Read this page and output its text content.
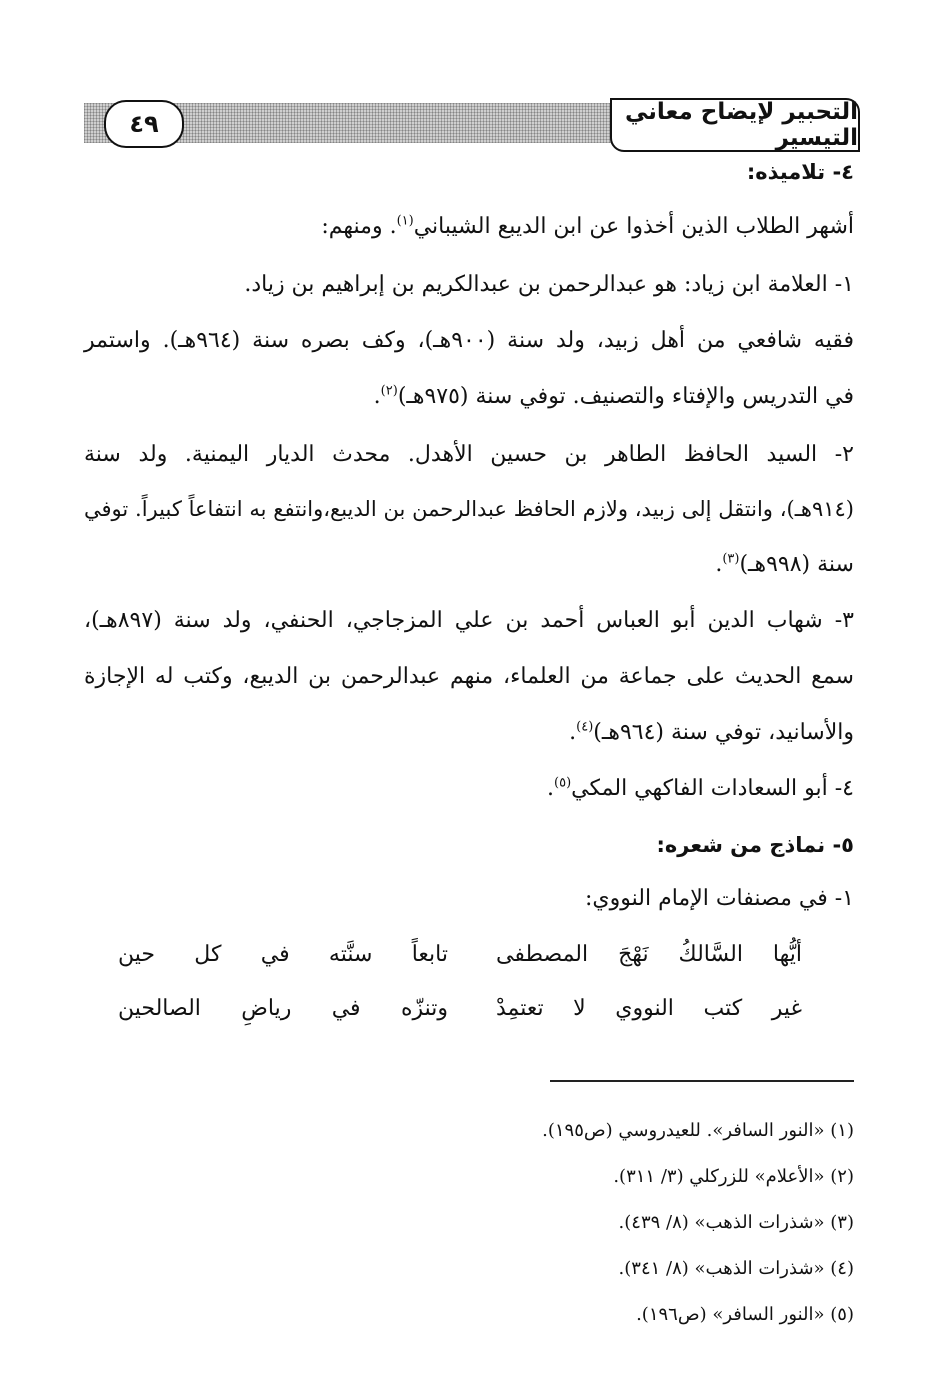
٤٩	التحبير لإيضاح معاني التيسير
٤- تلاميذه:
أشهر الطلاب الذين أخذوا عن ابن الديبع الشيباني$^{(١)}$. ومنهم:
١- العلامة ابن زياد: هو عبدالرحمن بن عبدالكريم بن إبراهيم بن زياد.
فقيه شافعي من أهل زبيد، ولد سنة (٩٠٠هـ)، وكف بصره سنة (٩٦٤هـ). واستمر
في التدريس والإفتاء والتصنيف. توفي سنة (٩٧٥هـ)$^{(٢)}$.
٢- السيد الحافظ الطاهر بن حسين الأهدل. محدث الديار اليمنية. ولد سنة
(٩١٤هـ)، وانتقل إلى زبيد، ولازم الحافظ عبدالرحمن بن الديبع،وانتفع به انتفاعاً كبيراً. توفي
سنة (٩٩٨هـ)$^{(٣)}$.
٣- شهاب الدين أبو العباس أحمد بن علي المزجاجي، الحنفي، ولد سنة (٨٩٧هـ)،
سمع الحديث على جماعة من العلماء، منهم عبدالرحمن بن الديبع، وكتب له الإجازة
والأسانيد، توفي سنة (٩٦٤هـ)$^{(٤)}$.
٤- أبو السعادات الفاكهي المكي$^{(٥)}$.
٥- نماذج من شعره:
١- في مصنفات الإمام النووي:
أيُّها السَّالكُ نَهْجَ المصطفى
تابعاً سنَّته في كل حين
غير كتب النووي لا تعتمِدْ
وتنزّه في رياضِ الصالحين
(١) «النور السافر». للعيدروسي (ص١٩٥).
(٢) «الأعلام» للزركلي (٣/ ٣١١).
(٣) «شذرات الذهب» (٨/ ٤٣٩).
(٤) «شذرات الذهب» (٨/ ٣٤١).
(٥) «النور السافر» (ص١٩٦).
